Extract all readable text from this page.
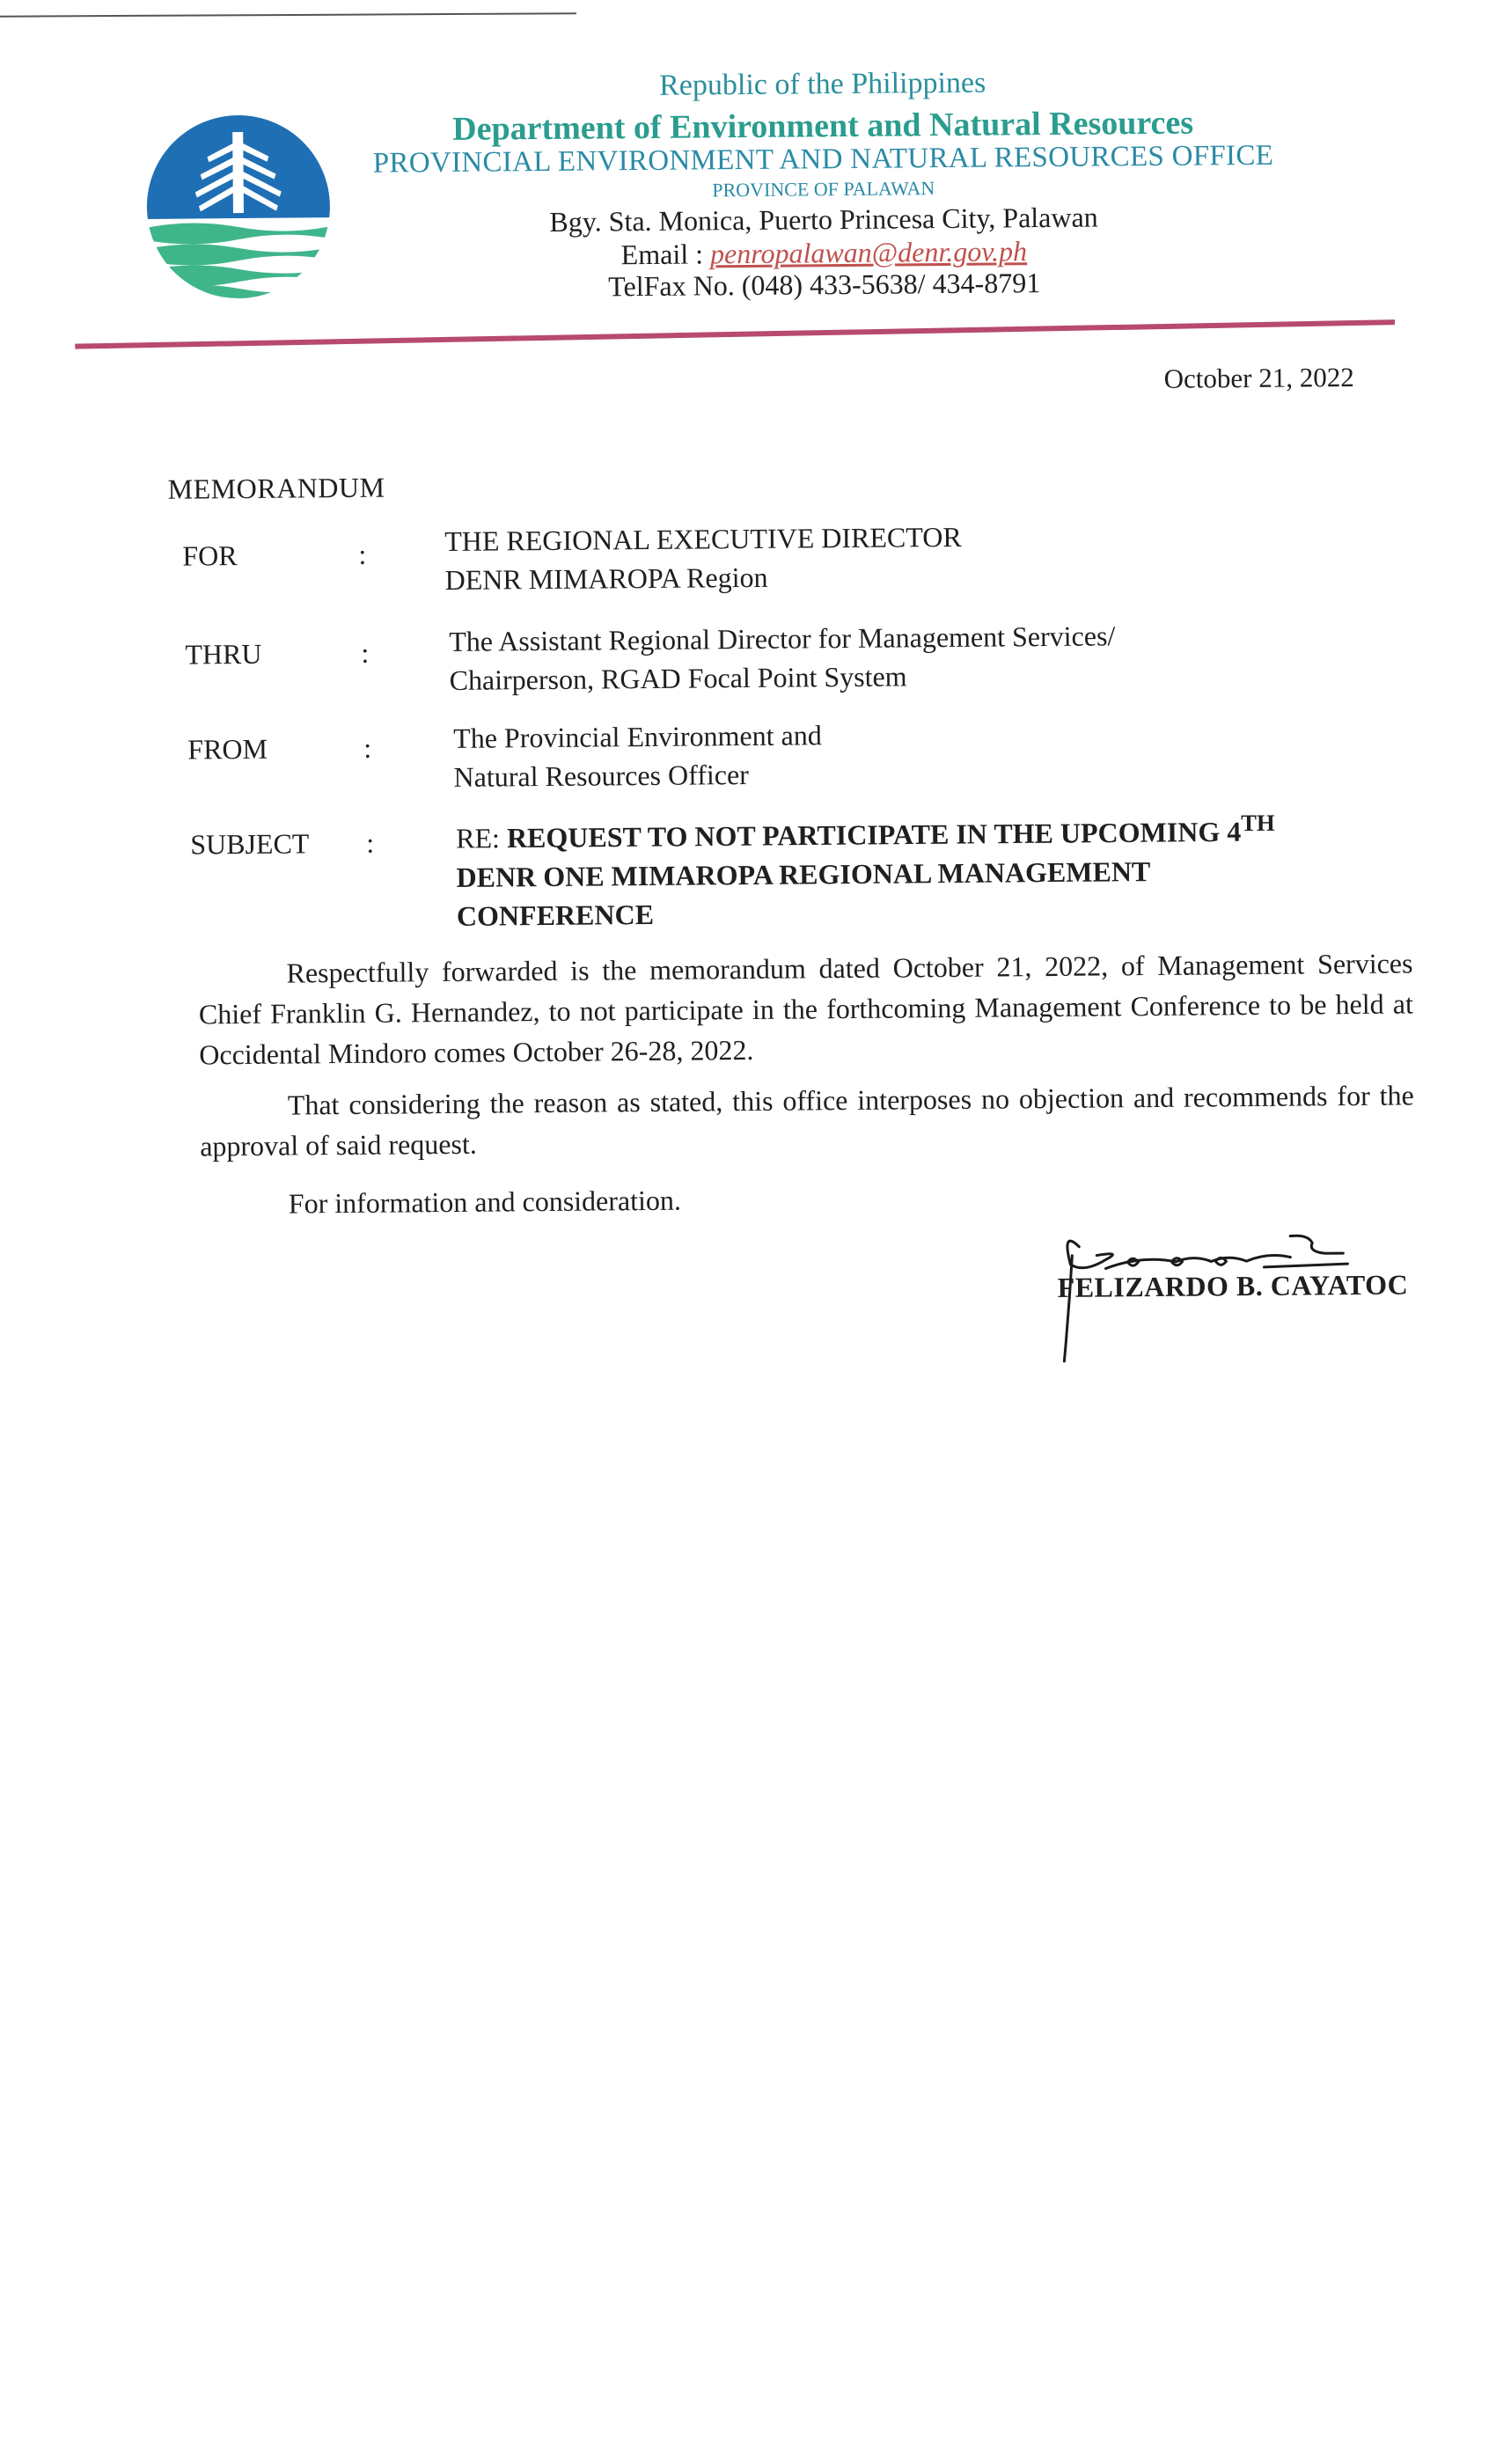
Republic of the Philippines
Department of Environment and Natural Resources
PROVINCIAL ENVIRONMENT AND NATURAL RESOURCES OFFICE
PROVINCE OF PALAWAN
Bgy. Sta. Monica, Puerto Princesa City, Palawan
Email : penropalawan@denr.gov.ph
TelFax No. (048) 433-5638/ 434-8791
October 21, 2022
MEMORANDUM
FOR	:	THE REGIONAL EXECUTIVE DIRECTOR
DENR MIMAROPA Region
THRU	:	The Assistant Regional Director for Management Services/
Chairperson, RGAD Focal Point System
FROM	:	The Provincial Environment and
Natural Resources Officer
SUBJECT :	RE: REQUEST TO NOT PARTICIPATE IN THE UPCOMING 4TH
DENR ONE MIMAROPA REGIONAL MANAGEMENT
CONFERENCE
Respectfully forwarded is the memorandum dated October 21, 2022, of Management Services Chief Franklin G. Hernandez, to not participate in the forthcoming Management Conference to be held at Occidental Mindoro comes October 26-28, 2022.
That considering the reason as stated, this office interposes no objection and recommends for the approval of said request.
For information and consideration.
FELIZARDO B. CAYATOC
